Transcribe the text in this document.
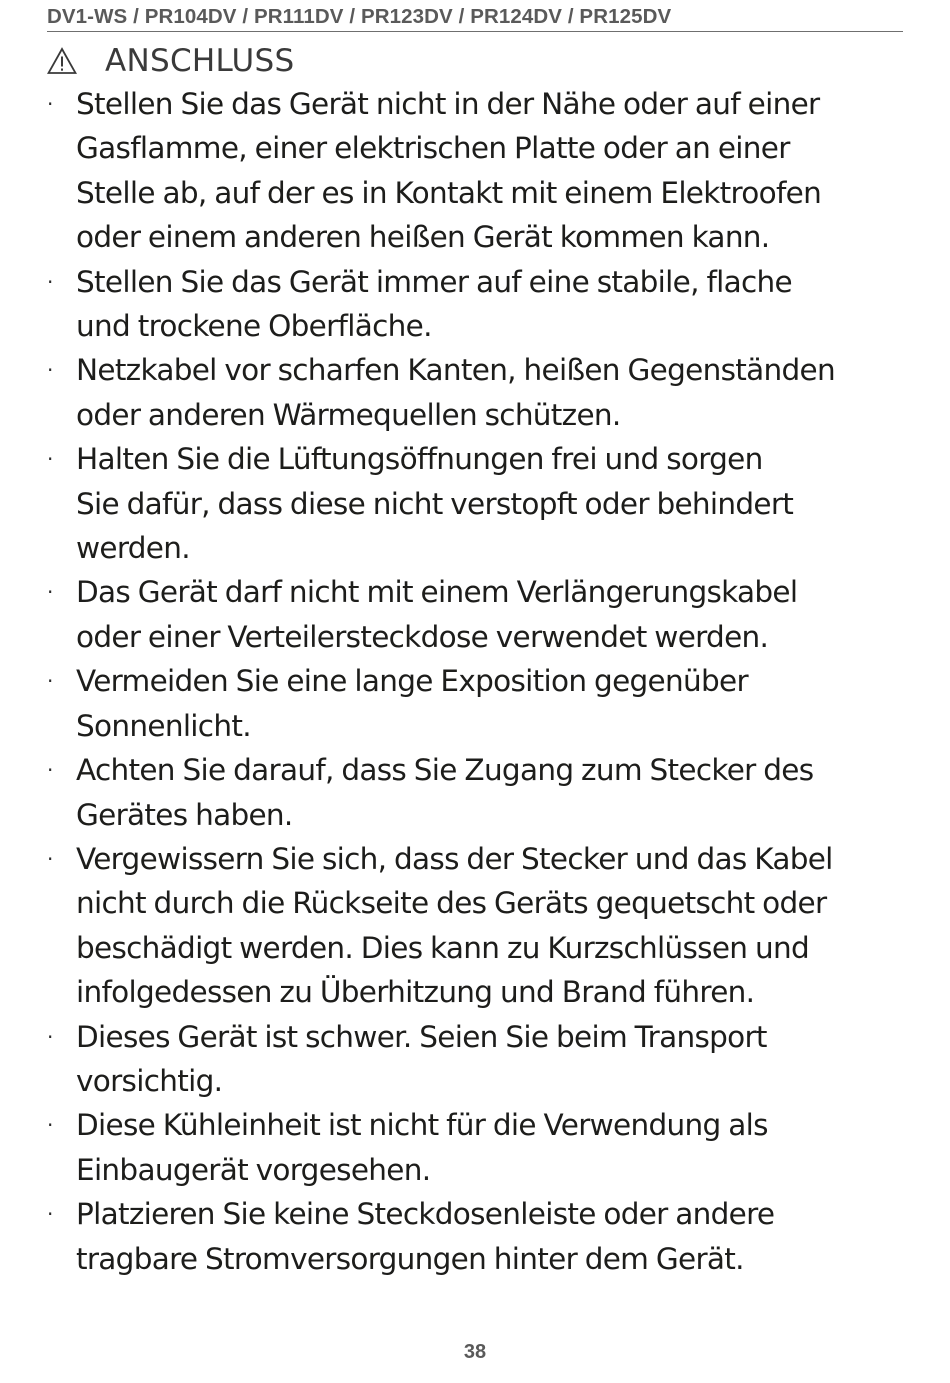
DV1-WS / PR104DV / PR111DV / PR123DV / PR124DV / PR125DV
ANSCHLUSS
· Stellen Sie das Gerät nicht in der Nähe oder auf einer
Gasflamme, einer elektrischen Platte oder an einer
Stelle ab, auf der es in Kontakt mit einem Elektroofen
oder einem anderen heißen Gerät kommen kann.
· Stellen Sie das Gerät immer auf eine stabile, flache
und trockene Oberfläche.
· Netzkabel vor scharfen Kanten, heißen Gegenständen
oder anderen Wärmequellen schützen.
· Halten Sie die Lüftungsöffnungen frei und sorgen
Sie dafür, dass diese nicht verstopft oder behindert
werden.
· Das Gerät darf nicht mit einem Verlängerungskabel
oder einer Verteilersteckdose verwendet werden.
· Vermeiden Sie eine lange Exposition gegenüber
Sonnenlicht.
· Achten Sie darauf, dass Sie Zugang zum Stecker des
Gerätes haben.
· Vergewissern Sie sich, dass der Stecker und das Kabel
nicht durch die Rückseite des Geräts gequetscht oder
beschädigt werden. Dies kann zu Kurzschlüssen und
infolgedessen zu Überhitzung und Brand führen.
· Dieses Gerät ist schwer. Seien Sie beim Transport
vorsichtig.
· Diese Kühleinheit ist nicht für die Verwendung als
Einbaugerät vorgesehen.
· Platzieren Sie keine Steckdosenleiste oder andere
tragbare Stromversorgungen hinter dem Gerät.
38
